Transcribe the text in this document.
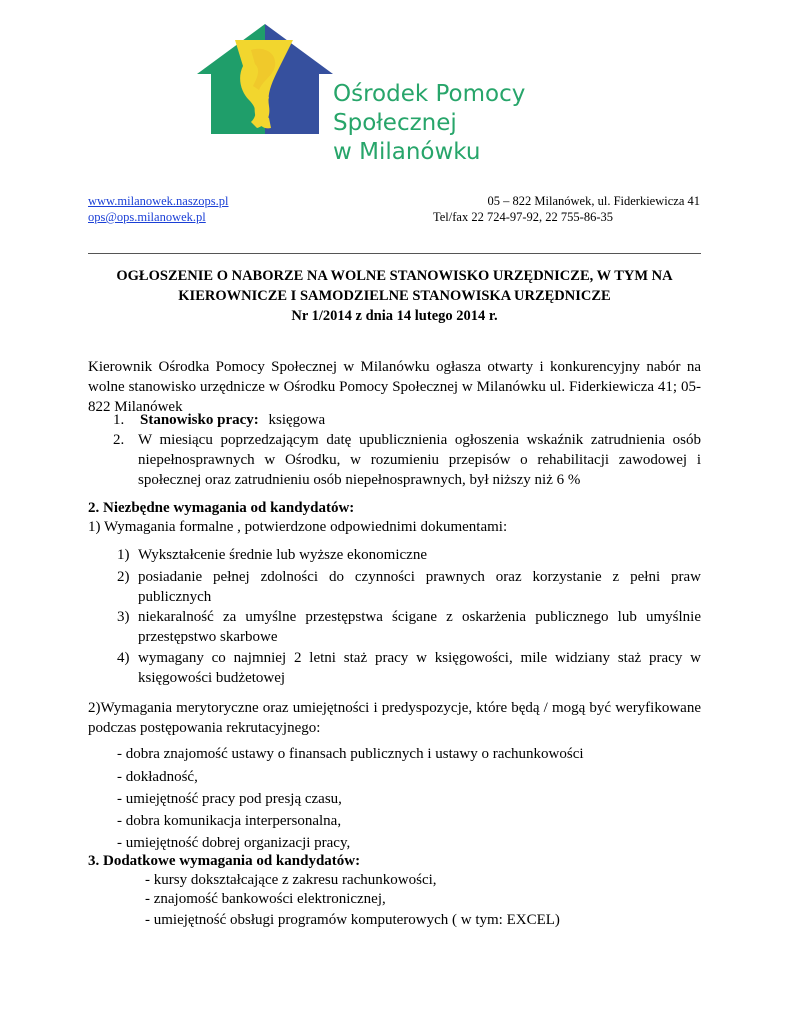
Ośrodek Pomocy Społecznej
w Milanówku
www.milanowek.naszops.pl
ops@ops.milanowek.pl
05 – 822 Milanówek, ul. Fiderkiewicza 41
Tel/fax 22 724-97-92, 22 755-86-35
OGŁOSZENIE O NABORZE NA WOLNE STANOWISKO URZĘDNICZE, W TYM NA
KIEROWNICZE I SAMODZIELNE STANOWISKA URZĘDNICZE
Nr 1/2014 z dnia 14 lutego 2014 r.
Kierownik Ośrodka Pomocy Społecznej w Milanówku ogłasza otwarty i konkurencyjny nabór na wolne stanowisko urzędnicze w Ośrodku Pomocy Społecznej w Milanówku ul. Fiderkiewicza 41; 05-822 Milanówek
1. Stanowisko pracy: księgowa
2. W miesiącu poprzedzającym datę upublicznienia ogłoszenia wskaźnik zatrudnienia osób niepełnosprawnych w Ośrodku, w rozumieniu przepisów o rehabilitacji zawodowej i społecznej oraz zatrudnieniu osób niepełnosprawnych, był niższy niż 6 %
2. Niezbędne wymagania od kandydatów:
1) Wymagania formalne , potwierdzone odpowiednimi dokumentami:
1) Wykształcenie średnie lub wyższe ekonomiczne
2) posiadanie pełnej zdolności do czynności prawnych oraz korzystanie z pełni praw publicznych
3) niekaralność za umyślne przestępstwa ścigane z oskarżenia publicznego lub umyślnie przestępstwo skarbowe
4) wymagany co najmniej 2 letni staż pracy w księgowości, mile widziany staż pracy w księgowości budżetowej
2)Wymagania merytoryczne oraz umiejętności i predyspozycje, które będą / mogą być weryfikowane podczas postępowania rekrutacyjnego:
- dobra znajomość ustawy o finansach publicznych i ustawy o rachunkowości
- dokładność,
- umiejętność pracy pod presją czasu,
- dobra komunikacja interpersonalna,
- umiejętność dobrej organizacji pracy,
3. Dodatkowe wymagania od kandydatów:
- kursy dokształcające z zakresu rachunkowości,
- znajomość bankowości elektronicznej,
- umiejętność obsługi programów komputerowych ( w tym: EXCEL)
